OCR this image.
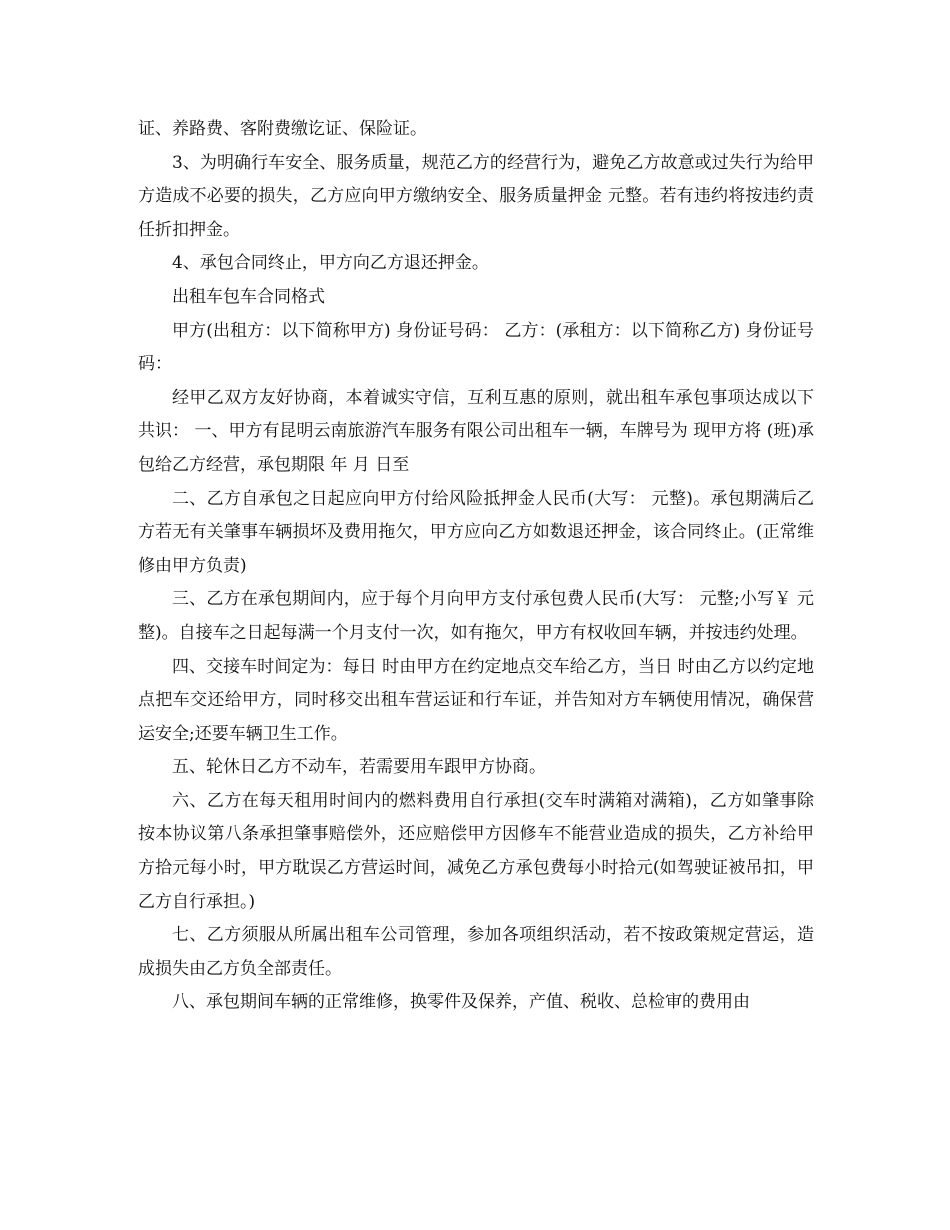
证、养路费、客附费缴讫证、保险证。

3、为明确行车安全、服务质量，规范乙方的经营行为，避免乙方故意或过失行为给甲方造成不必要的损失，乙方应向甲方缴纳安全、服务质量押金 元整。若有违约将按违约责任折扣押金。

4、承包合同终止，甲方向乙方退还押金。

出租车包车合同格式

甲方(出租方：以下简称甲方) 身份证号码： 乙方：(承租方：以下简称乙方) 身份证号码：

经甲乙双方友好协商，本着诚实守信，互利互惠的原则，就出租车承包事项达成以下共识： 一、甲方有昆明云南旅游汽车服务有限公司出租车一辆，车牌号为 现甲方将 (班)承包给乙方经营，承包期限 年 月 日至

二、乙方自承包之日起应向甲方付给风险抵押金人民币(大写： 元整)。承包期满后乙方若无有关肇事车辆损坏及费用拖欠，甲方应向乙方如数退还押金，该合同终止。(正常维修由甲方负责)

三、乙方在承包期间内，应于每个月向甲方支付承包费人民币(大写： 元整;小写￥ 元整)。自接车之日起每满一个月支付一次，如有拖欠，甲方有权收回车辆，并按违约处理。

四、交接车时间定为：每日 时由甲方在约定地点交车给乙方，当日 时由乙方以约定地点把车交还给甲方，同时移交出租车营运证和行车证，并告知对方车辆使用情况，确保营运安全;还要车辆卫生工作。

五、轮休日乙方不动车，若需要用车跟甲方协商。

六、乙方在每天租用时间内的燃料费用自行承担(交车时满箱对满箱)，乙方如肇事除按本协议第八条承担肇事赔偿外，还应赔偿甲方因修车不能营业造成的损失，乙方补给甲方拾元每小时，甲方耽误乙方营运时间，减免乙方承包费每小时拾元(如驾驶证被吊扣，甲乙方自行承担。)

七、乙方须服从所属出租车公司管理，参加各项组织活动，若不按政策规定营运，造成损失由乙方负全部责任。

八、承包期间车辆的正常维修，换零件及保养，产值、税收、总检审的费用由
